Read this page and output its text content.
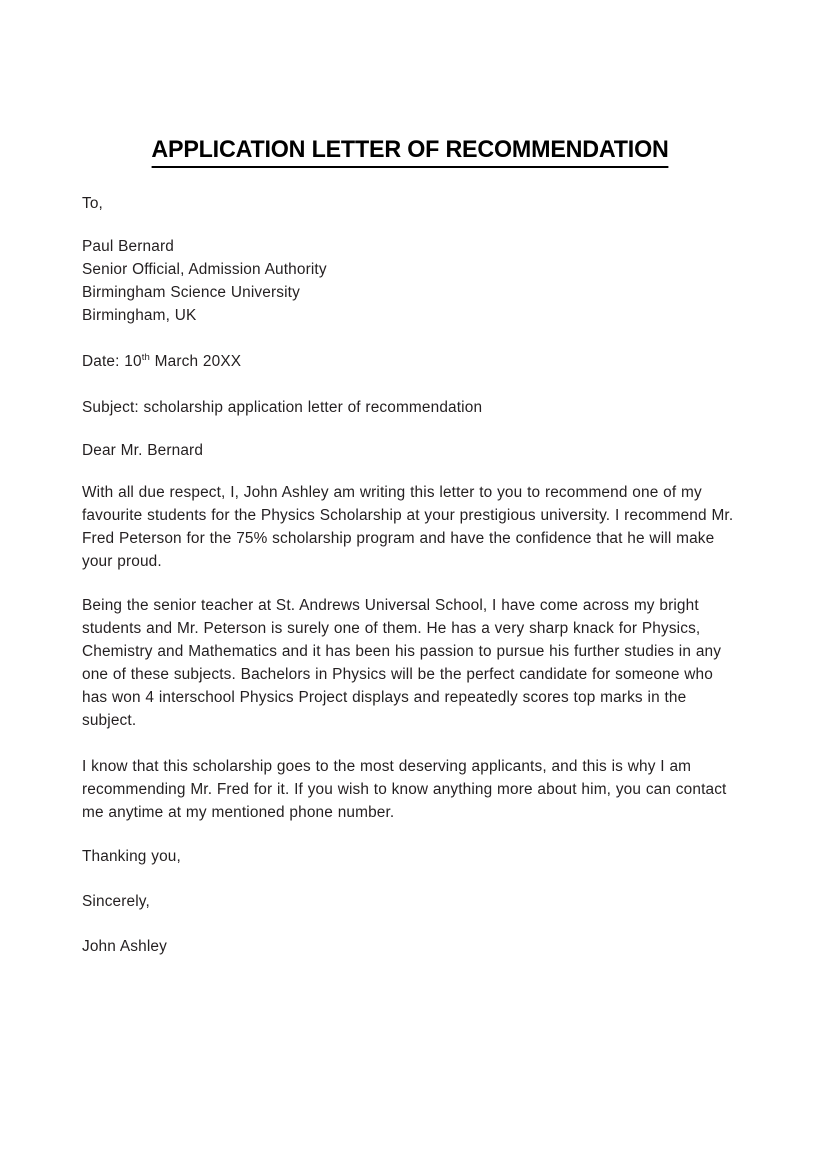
APPLICATION LETTER OF RECOMMENDATION
To,
Paul Bernard
Senior Official, Admission Authority
Birmingham Science University
Birmingham, UK
Date: 10th March 20XX
Subject: scholarship application letter of recommendation
Dear Mr. Bernard
With all due respect, I, John Ashley am writing this letter to you to recommend one of my favourite students for the Physics Scholarship at your prestigious university. I recommend Mr. Fred Peterson for the 75% scholarship program and have the confidence that he will make your proud.
Being the senior teacher at St. Andrews Universal School, I have come across my bright students and Mr. Peterson is surely one of them. He has a very sharp knack for Physics, Chemistry and Mathematics and it has been his passion to pursue his further studies in any one of these subjects. Bachelors in Physics will be the perfect candidate for someone who has won 4 interschool Physics Project displays and repeatedly scores top marks in the subject.
I know that this scholarship goes to the most deserving applicants, and this is why I am recommending Mr. Fred for it. If you wish to know anything more about him, you can contact me anytime at my mentioned phone number.
Thanking you,
Sincerely,
John Ashley
